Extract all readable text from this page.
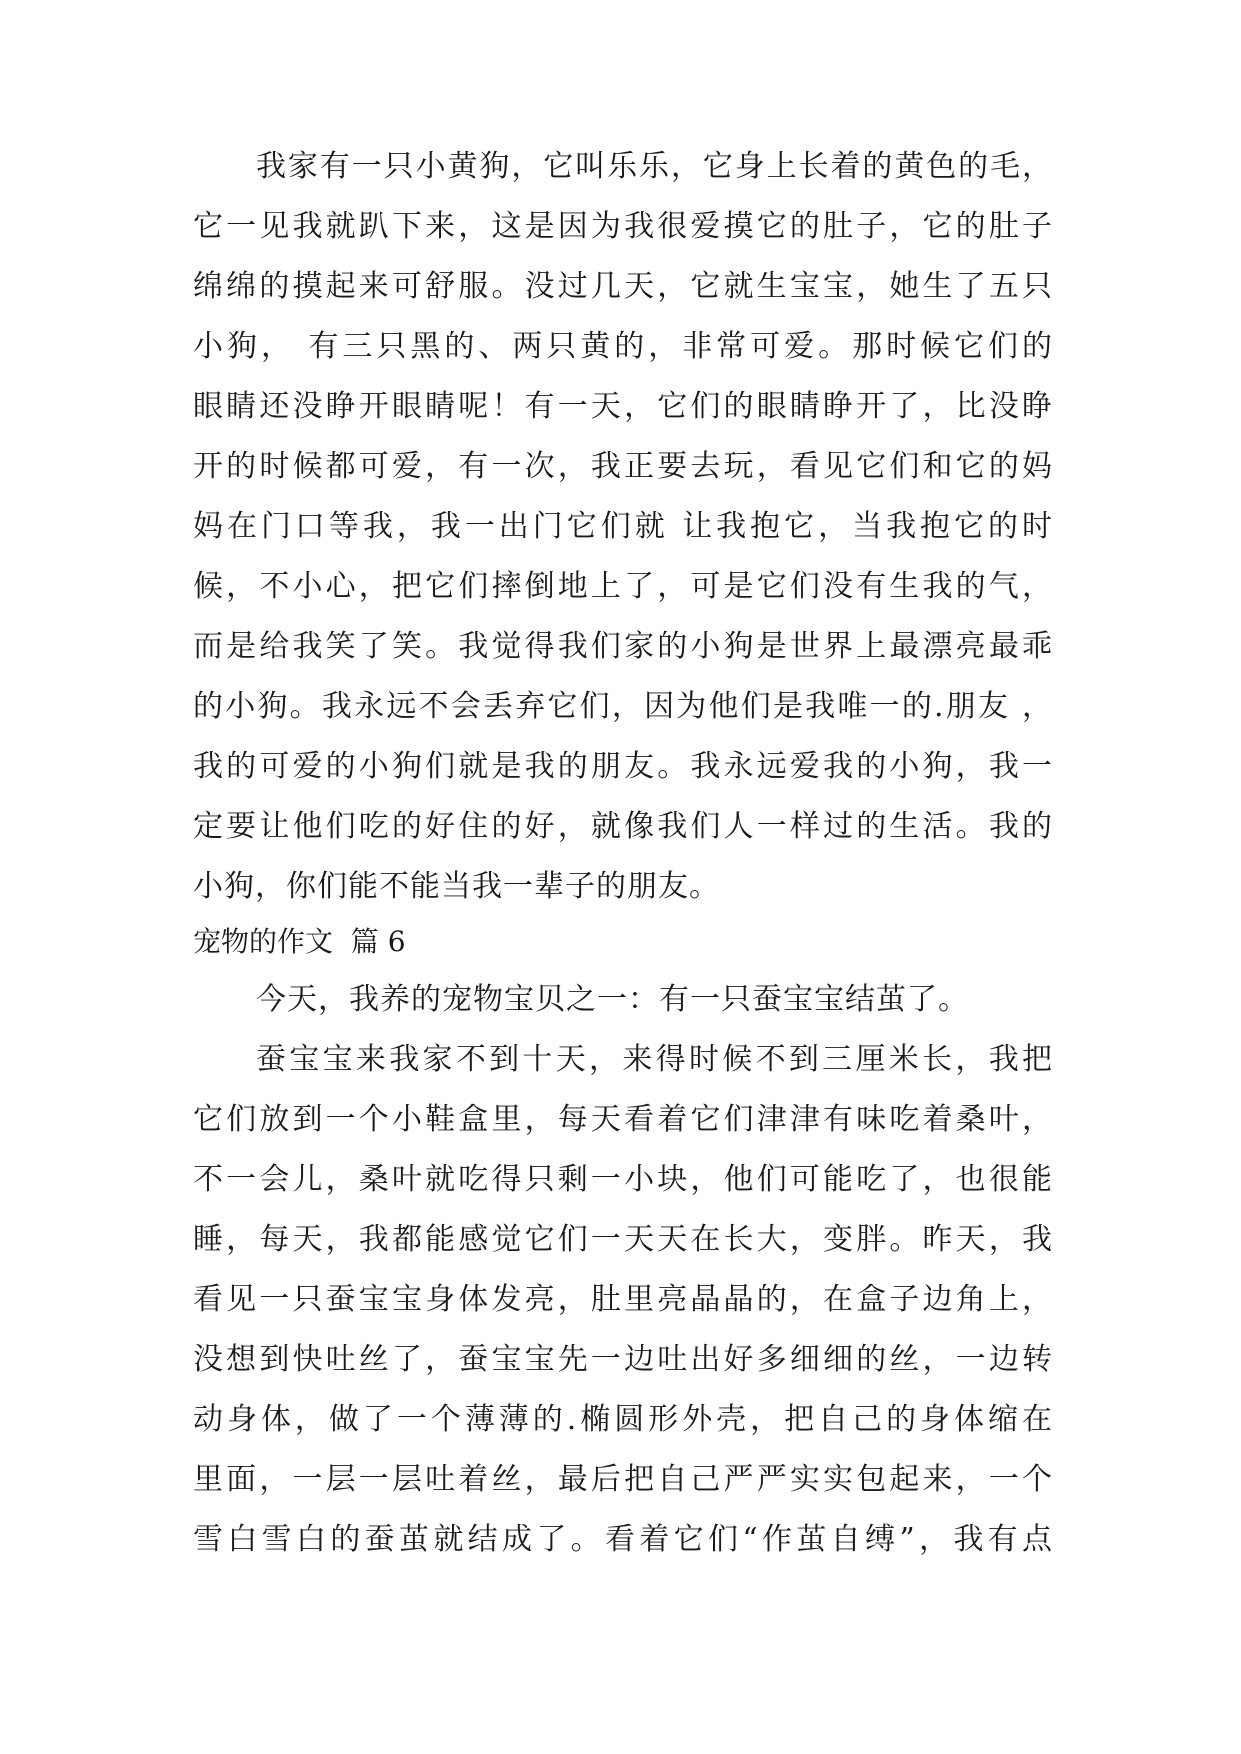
我家有一只小黄狗，它叫乐乐，它身上长着的黄色的毛，
它一见我就趴下来，这是因为我很爱摸它的肚子，它的肚子
绵绵的摸起来可舒服。没过几天，它就生宝宝，她生了五只
小狗， 有三只黑的、两只黄的，非常可爱。那时候它们的
眼睛还没睁开眼睛呢！有一天，它们的眼睛睁开了，比没睁
开的时候都可爱，有一次，我正要去玩，看见它们和它的妈
妈在门口等我，我一出门它们就 让我抱它，当我抱它的时
候，不小心，把它们摔倒地上了，可是它们没有生我的气，
而是给我笑了笑。我觉得我们家的小狗是世界上最漂亮最乖
的小狗。我永远不会丢弃它们，因为他们是我唯一的.朋友 ，
我的可爱的小狗们就是我的朋友。我永远爱我的小狗，我一
定要让他们吃的好住的好，就像我们人一样过的生活。我的
小狗，你们能不能当我一辈子的朋友。
宠物的作文  篇 6
今天，我养的宠物宝贝之一：有一只蚕宝宝结茧了。
蚕宝宝来我家不到十天，来得时候不到三厘米长，我把
它们放到一个小鞋盒里，每天看着它们津津有味吃着桑叶，
不一会儿，桑叶就吃得只剩一小块，他们可能吃了，也很能
睡，每天，我都能感觉它们一天天在长大，变胖。昨天，我
看见一只蚕宝宝身体发亮，肚里亮晶晶的，在盒子边角上，
没想到快吐丝了，蚕宝宝先一边吐出好多细细的丝，一边转
动身体，做了一个薄薄的.椭圆形外壳，把自己的身体缩在
里面，一层一层吐着丝，最后把自己严严实实包起来，一个
雪白雪白的蚕茧就结成了。看着它们“作茧自缚”，我有点
